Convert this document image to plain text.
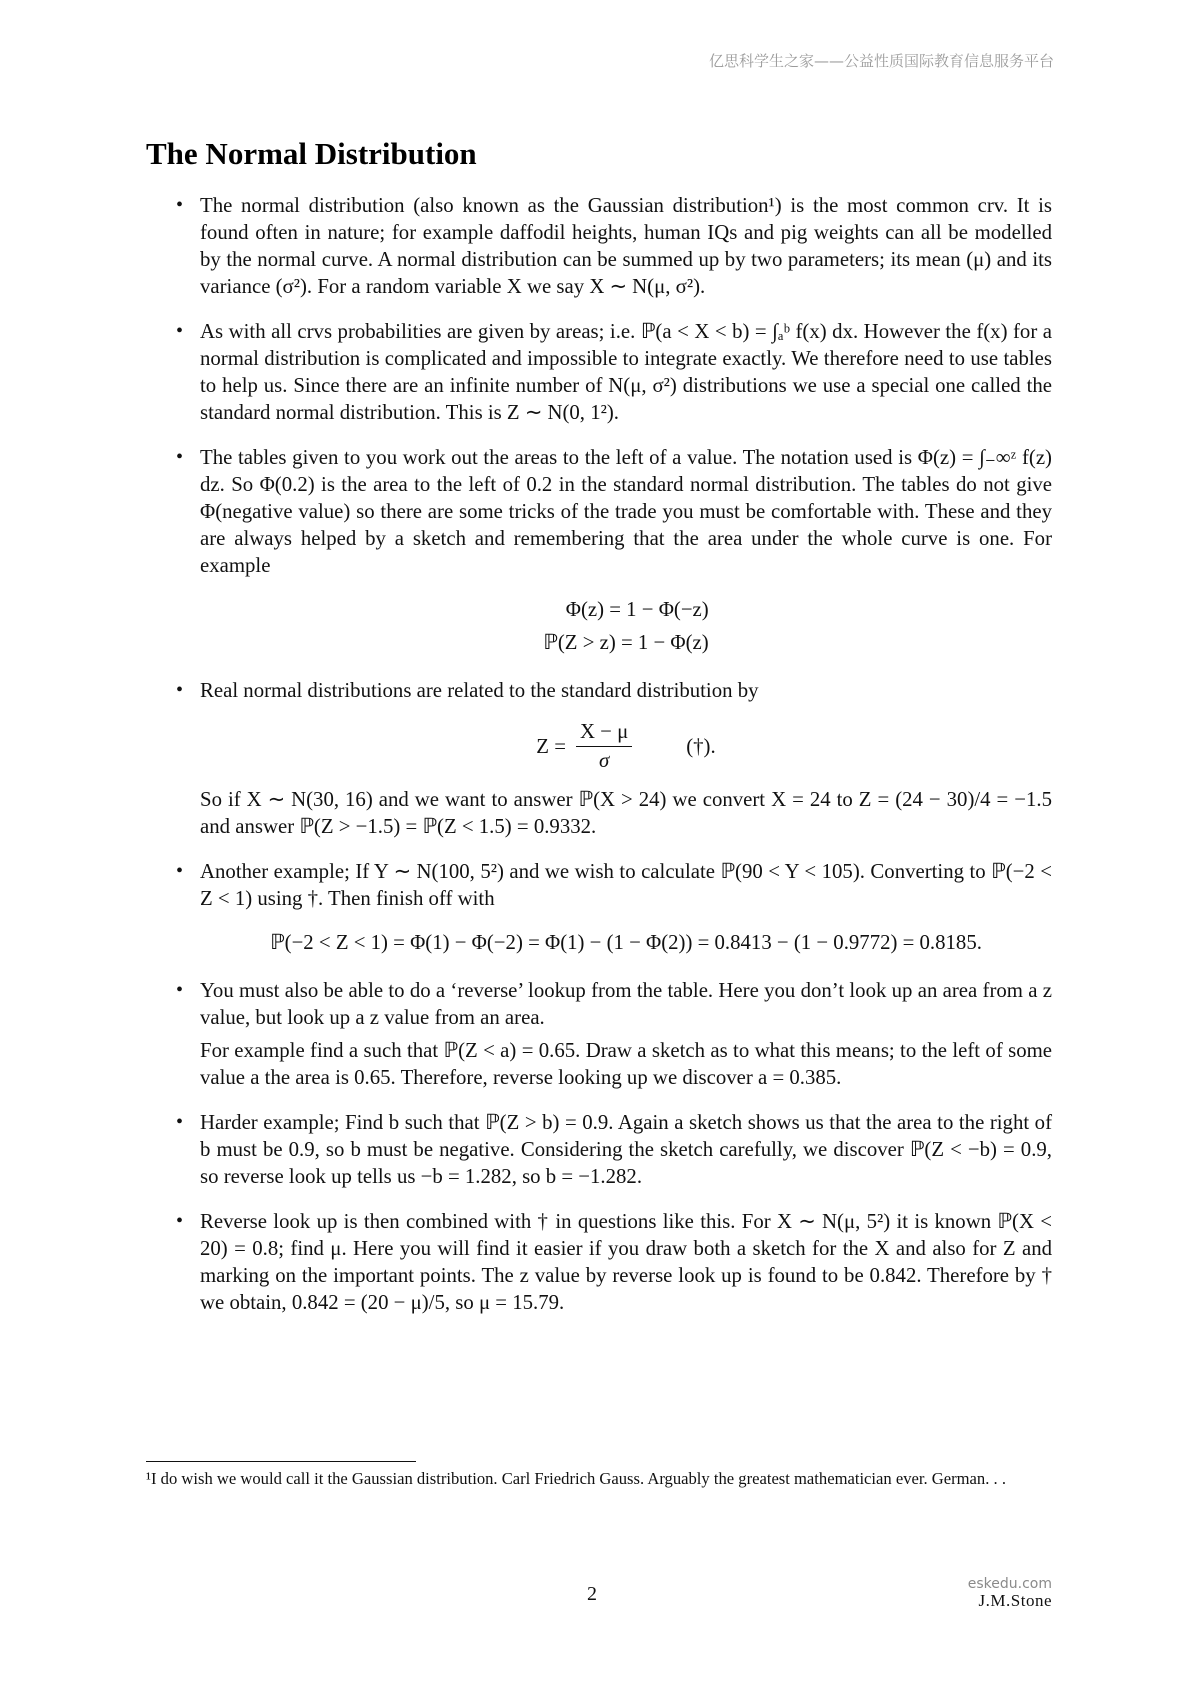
亿思科学生之家——公益性质国际教育信息服务平台
The Normal Distribution
• The normal distribution (also known as the Gaussian distribution¹) is the most common crv. It is found often in nature; for example daffodil heights, human IQs and pig weights can all be modelled by the normal curve. A normal distribution can be summed up by two parameters; its mean (μ) and its variance (σ²). For a random variable X we say X ∼ N(μ, σ²).
• As with all crvs probabilities are given by areas; i.e. ℙ(a < X < b) = ∫ₐᵇ f(x) dx. However the f(x) for a normal distribution is complicated and impossible to integrate exactly. We therefore need to use tables to help us. Since there are an infinite number of N(μ, σ²) distributions we use a special one called the standard normal distribution. This is Z ∼ N(0, 1²).
• The tables given to you work out the areas to the left of a value. The notation used is Φ(z) = ∫₋∞ᶻ f(z) dz. So Φ(0.2) is the area to the left of 0.2 in the standard normal distribution. The tables do not give Φ(negative value) so there are some tricks of the trade you must be comfortable with. These and they are always helped by a sketch and remembering that the area under the whole curve is one. For example
Φ(z) = 1 − Φ(−z)
ℙ(Z > z) = 1 − Φ(z)
• Real normal distributions are related to the standard distribution by
$Z = \frac{X - \mu}{\sigma}$	(†).
So if X ∼ N(30, 16) and we want to answer ℙ(X > 24) we convert X = 24 to Z = (24 − 30)/4 = −1.5 and answer ℙ(Z > −1.5) = ℙ(Z < 1.5) = 0.9332.
• Another example; If Y ∼ N(100, 5²) and we wish to calculate ℙ(90 < Y < 105). Converting to ℙ(−2 < Z < 1) using †. Then finish off with
ℙ(−2 < Z < 1) = Φ(1) − Φ(−2) = Φ(1) − (1 − Φ(2)) = 0.8413 − (1 − 0.9772) = 0.8185.
• You must also be able to do a ‘reverse’ lookup from the table. Here you don’t look up an area from a z value, but look up a z value from an area.
For example find a such that ℙ(Z < a) = 0.65. Draw a sketch as to what this means; to the left of some value a the area is 0.65. Therefore, reverse looking up we discover a = 0.385.
• Harder example; Find b such that ℙ(Z > b) = 0.9. Again a sketch shows us that the area to the right of b must be 0.9, so b must be negative. Considering the sketch carefully, we discover ℙ(Z < −b) = 0.9, so reverse look up tells us −b = 1.282, so b = −1.282.
• Reverse look up is then combined with † in questions like this. For X ∼ N(μ, 5²) it is known ℙ(X < 20) = 0.8; find μ. Here you will find it easier if you draw both a sketch for the X and also for Z and marking on the important points. The z value by reverse look up is found to be 0.842. Therefore by † we obtain, 0.842 = (20 − μ)/5, so μ = 15.79.
¹I do wish we would call it the Gaussian distribution. Carl Friedrich Gauss. Arguably the greatest mathematician ever. German. . .
2	eskedu.com
J.M.Stone
